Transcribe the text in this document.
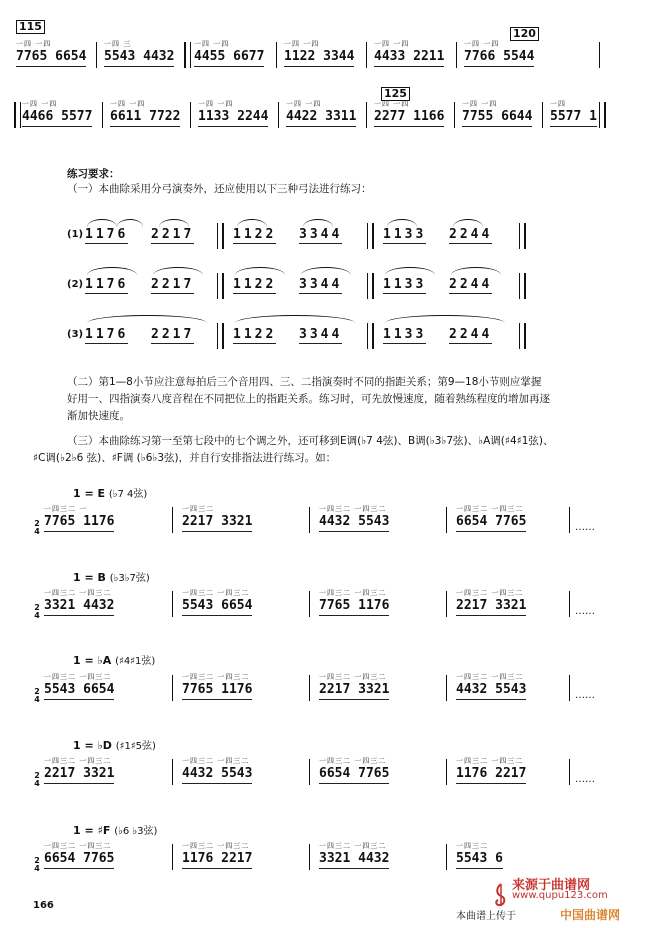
115
120
125
一四 一四
7765 6654
一四 三
5543 4432
一四 一四
4455 6677
一四 一四
1122 3344
一四 一四
4433 2211
一四 一四
7766 5544
一四 一四
4466 5577
一四 一四
6611 7722
一四 一四
1133 2244
一四 一四
4422 3311
一四 一四
2277 1166
一四 一四
7755 6644
一四
5577 1
练习要求：
（一）本曲除采用分弓演奏外，还应使用以下三种弓法进行练习：
(1) 1176 2217	1122 3344	1133 2244
(2) 1176 2217	1122 3344	1133 2244
(3) 1176 2217	1122 3344	1133 2244
（二）第1—8小节应注意每拍后三个音用四、三、二指演奏时不同的指距关系；第9—18小节则应掌握
好用一、四指演奏八度音程在不同把位上的指距关系。练习时，可先放慢速度，随着熟练程度的增加再逐
渐加快速度。
（三）本曲除练习第一至第七段中的七个调之外，还可移到E调(♭7 4弦)、B调(♭3♭7弦)、♭A调(♯4♯1弦)、
♯C调(♭2♭6 弦)、♯F调 (♭6♭3弦)，并自行安排指法进行练习。如：
1 = E (♭7 4弦)
2
4
一四三二 一
7765 1176
一四三二
2217 3321
一四三二 一四三二
4432 5543
一四三二 一四三二
6654 7765	……
1 = B (♭3♭7弦)
2
4
一四三二 一四三二
3321 4432
一四三二 一四三二
5543 6654
一四三二 一四三二
7765 1176
一四三二 一四三二
2217 3321	……
1 = ♭A (♯4♯1弦)
2
4
一四三二 一四三二
5543 6654
一四三二 一四三二
7765 1176
一四三二 一四三二
2217 3321
一四三二 一四三二
4432 5543	……
1 = ♭D (♯1♯5弦)
2
4
一四三二 一四三二
2217 3321
一四三二 一四三二
4432 5543
一四三二 一四三二
6654 7765
一四三二 一四三二
1176 2217	……
1 = ♯F (♭6 ♭3弦)
2
4
一四三二 一四三二
6654 7765
一四三二 一四三二
1176 2217
一四三二 一四三二
3321 4432
一四三二
5543 6
166
本曲谱上传于
来源于曲谱网
www.qupu123.com
中国曲谱网
